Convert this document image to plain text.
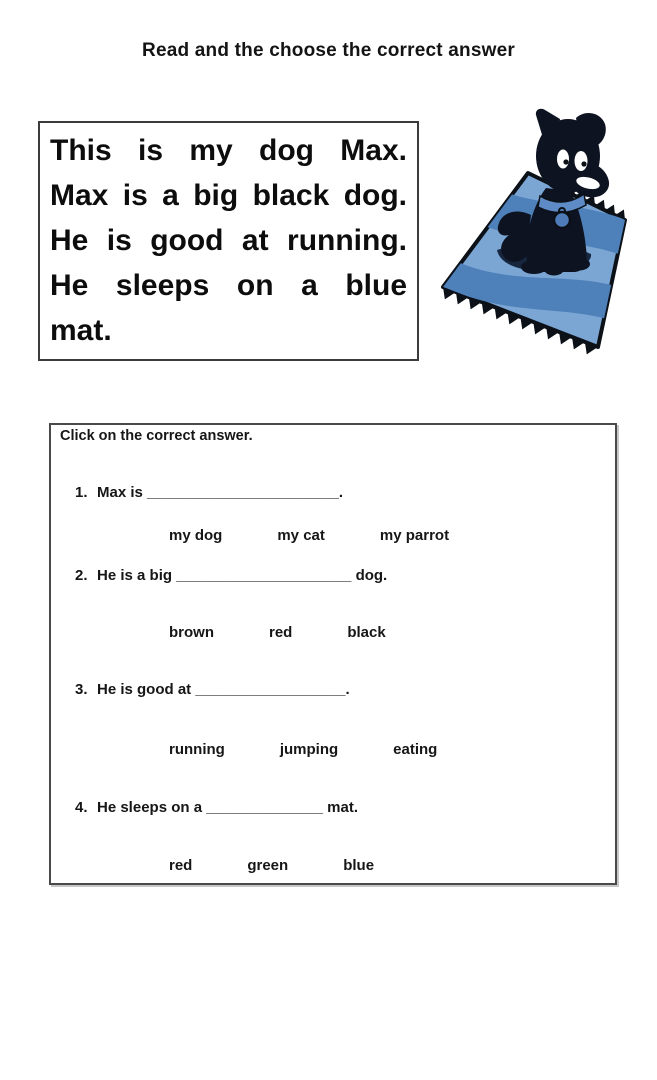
Read and the choose the correct answer
This is my dog Max.
Max is a big black dog.
He is good at running.
He sleeps on a blue
mat.
Click on the correct answer.
1. Max is _______________________.
my dog	my cat	my parrot
2. He is a big _____________________ dog.
brown	red	black
3. He is good at __________________.
running	jumping	eating
4. He sleeps on a ______________ mat.
red	green	blue
